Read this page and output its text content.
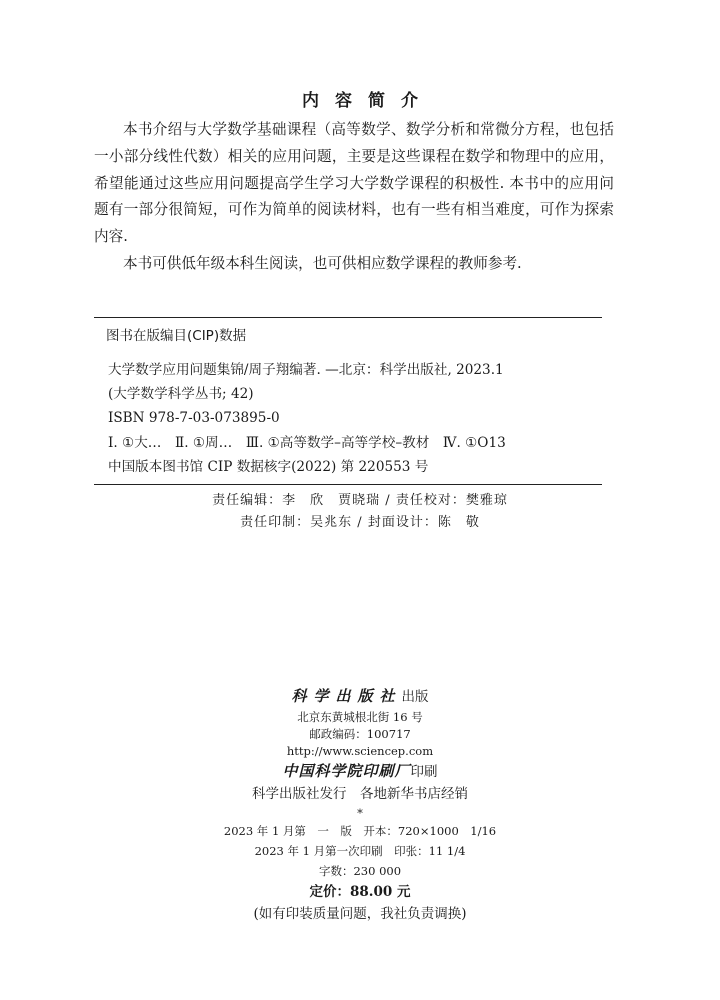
内容简介

本书介绍与大学数学基础课程（高等数学、数学分析和常微分方程，也包括一小部分线性代数）相关的应用问题，主要是这些课程在数学和物理中的应用，希望能通过这些应用问题提高学生学习大学数学课程的积极性. 本书中的应用问题有一部分很简短，可作为简单的阅读材料，也有一些有相当难度，可作为探索内容.

本书可供低年级本科生阅读，也可供相应数学课程的教师参考.

图书在版编目(CIP)数据
大学数学应用问题集锦/周子翔编著. —北京：科学出版社, 2023.1
(大学数学科学丛书; 42)
ISBN 978-7-03-073895-0
Ⅰ. ①大…　Ⅱ. ①周…　Ⅲ. ①高等数学–高等学校–教材　Ⅳ. ①O13
中国版本图书馆 CIP 数据核字(2022) 第 220553 号
责任编辑：李　欣　贾晓瑞 / 责任校对：樊雅琼
责任印制：吴兆东 / 封面设计：陈　敬
科学出版社出版
北京东黄城根北街 16 号
邮政编码：100717
http://www.sciencep.com
中国科学院印刷厂印刷
科学出版社发行　各地新华书店经销
*
2023 年 1 月第　一　版　开本：720×1000　1/16
2023 年 1 月第一次印刷　印张：11 1/4
字数：230 000
定价：88.00 元
(如有印装质量问题，我社负责调换)
